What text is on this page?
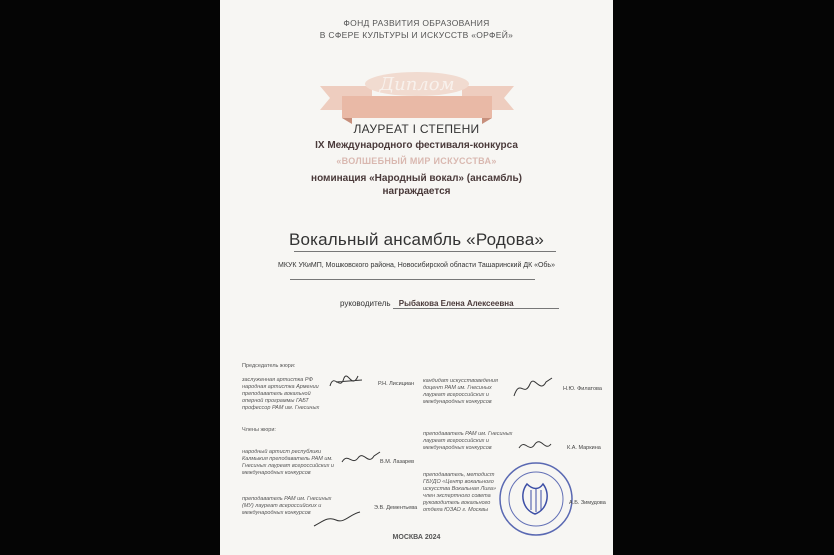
ФОНД РАЗВИТИЯ ОБРАЗОВАНИЯ
В СФЕРЕ КУЛЬТУРЫ И ИСКУССТВ «ОРФЕЙ»
Диплом
ЛАУРЕАТ I СТЕПЕНИ
IX Международного фестиваля-конкурса
«ВОЛШЕБНЫЙ МИР ИСКУССТВА»
номинация «Народный вокал» (ансамбль)
награждается
Вокальный ансамбль «Родова»
МКУК УКиМП, Мошковского района, Новосибирской области Ташаринский ДК «Обь»
руководитель Рыбакова Елена Алексеевна
Председатель жюри:
заслуженная артистка РФ народная артистка Армении преподаватель вокальной оперной программы ГАБТ профессор РАМ им. Гнесиных
Р.Н. Лисициан
Члены жюри:
народный артист республики Калмыкия преподаватель РАМ им. Гнесиных лауреат всероссийских и международных конкурсов
В.М. Лазарев
преподаватель РАМ им. Гнесиных (МУ) лауреат всероссийских и международных конкурсов
Э.В. Дементьева
кандидат искусствоведения доцент РАМ им. Гнесиных лауреат всероссийских и международных конкурсов
Н.Ю. Филатова
преподаватель РАМ им. Гнесиных лауреат всероссийских и международных конкурсов	К.А. Маркина
преподаватель, методист ГБУДО «Центр вокального искусства Вокальная Лига» член экспертного совета руководитель вокального отдела ЮЗАО г. Москвы
А.Б. Зимудова
МОСКВА 2024
